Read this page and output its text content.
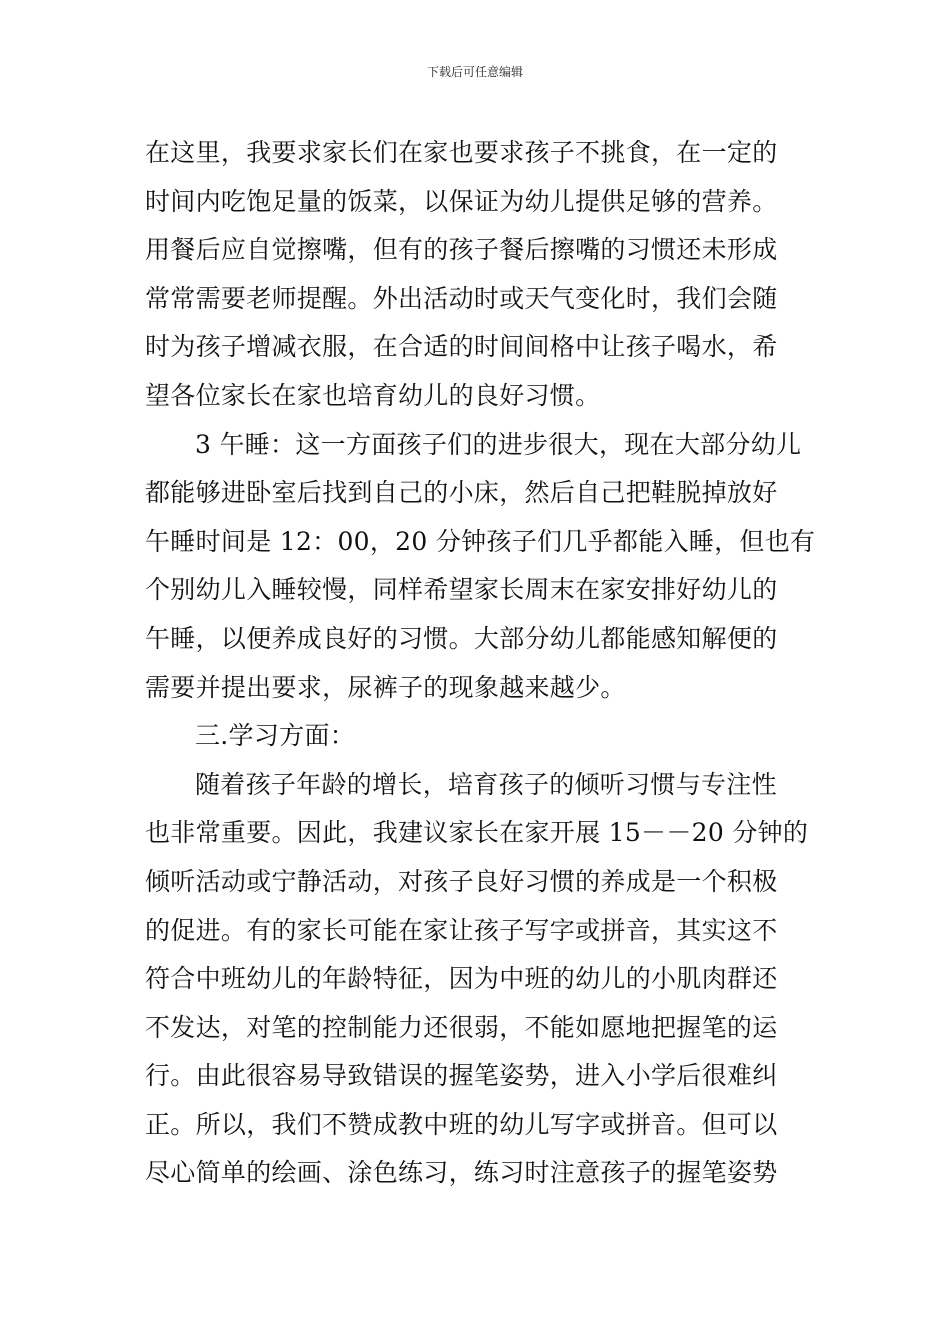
下载后可任意编辑
在这里，我要求家长们在家也要求孩子不挑食，在一定的
时间内吃饱足量的饭菜，以保证为幼儿提供足够的营养。
用餐后应自觉擦嘴，但有的孩子餐后擦嘴的习惯还未形成
常常需要老师提醒。外出活动时或天气变化时，我们会随
时为孩子增减衣服，在合适的时间间格中让孩子喝水，希
望各位家长在家也培育幼儿的良好习惯。
3 午睡：这一方面孩子们的进步很大，现在大部分幼儿
都能够进卧室后找到自己的小床，然后自己把鞋脱掉放好
午睡时间是 12：00，20 分钟孩子们几乎都能入睡，但也有
个别幼儿入睡较慢，同样希望家长周末在家安排好幼儿的
午睡，以便养成良好的习惯。大部分幼儿都能感知解便的
需要并提出要求，尿裤子的现象越来越少。
三.学习方面：
随着孩子年龄的增长，培育孩子的倾听习惯与专注性
也非常重要。因此，我建议家长在家开展 15－－20 分钟的
倾听活动或宁静活动，对孩子良好习惯的养成是一个积极
的促进。有的家长可能在家让孩子写字或拼音，其实这不
符合中班幼儿的年龄特征，因为中班的幼儿的小肌肉群还
不发达，对笔的控制能力还很弱，不能如愿地把握笔的运
行。由此很容易导致错误的握笔姿势，进入小学后很难纠
正。所以，我们不赞成教中班的幼儿写字或拼音。但可以
尽心简单的绘画、涂色练习，练习时注意孩子的握笔姿势
